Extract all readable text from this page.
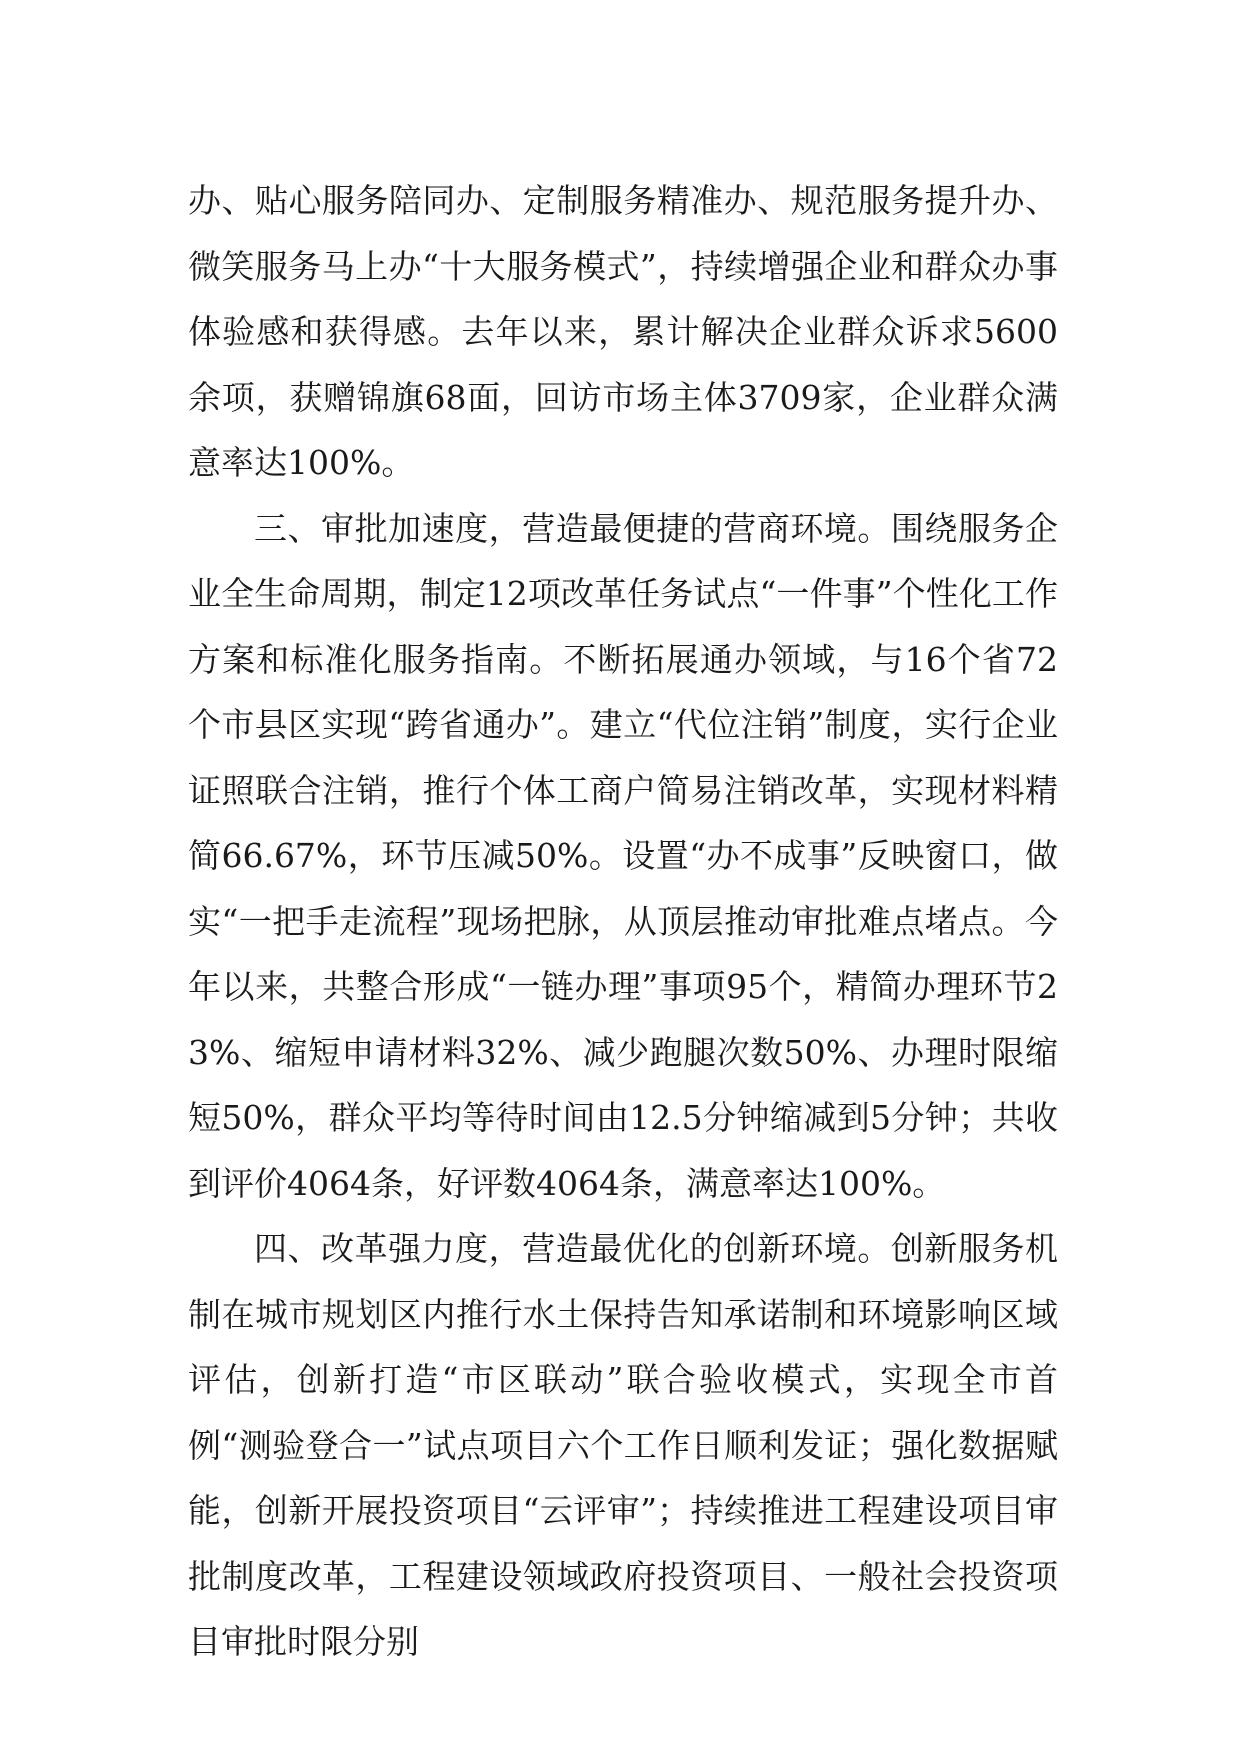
办、贴心服务陪同办、定制服务精准办、规范服务提升办、微笑服务马上办“十大服务模式”，持续增强企业和群众办事体验感和获得感。去年以来，累计解决企业群众诉求5600余项，获赠锦旗68面，回访市场主体3709家，企业群众满意率达100%。

三、审批加速度，营造最便捷的营商环境。围绕服务企业全生命周期，制定12项改革任务试点“一件事”个性化工作方案和标准化服务指南。不断拓展通办领域，与16个省72个市县区实现“跨省通办”。建立“代位注销”制度，实行企业证照联合注销，推行个体工商户简易注销改革，实现材料精简66.67%，环节压减50%。设置“办不成事”反映窗口，做实“一把手走流程”现场把脉，从顶层推动审批难点堵点。今年以来，共整合形成“一链办理”事项95个，精简办理环节23%、缩短申请材料32%、减少跑腿次数50%、办理时限缩短50%，群众平均等待时间由12.5分钟缩减到5分钟；共收到评价4064条，好评数4064条，满意率达100%。

四、改革强力度，营造最优化的创新环境。创新服务机制在城市规划区内推行水土保持告知承诺制和环境影响区域评估，创新打造“市区联动”联合验收模式，实现全市首例“测验登合一”试点项目六个工作日顺利发证；强化数据赋能，创新开展投资项目“云评审”；持续推进工程建设项目审批制度改革，工程建设领域政府投资项目、一般社会投资项目审批时限分别
